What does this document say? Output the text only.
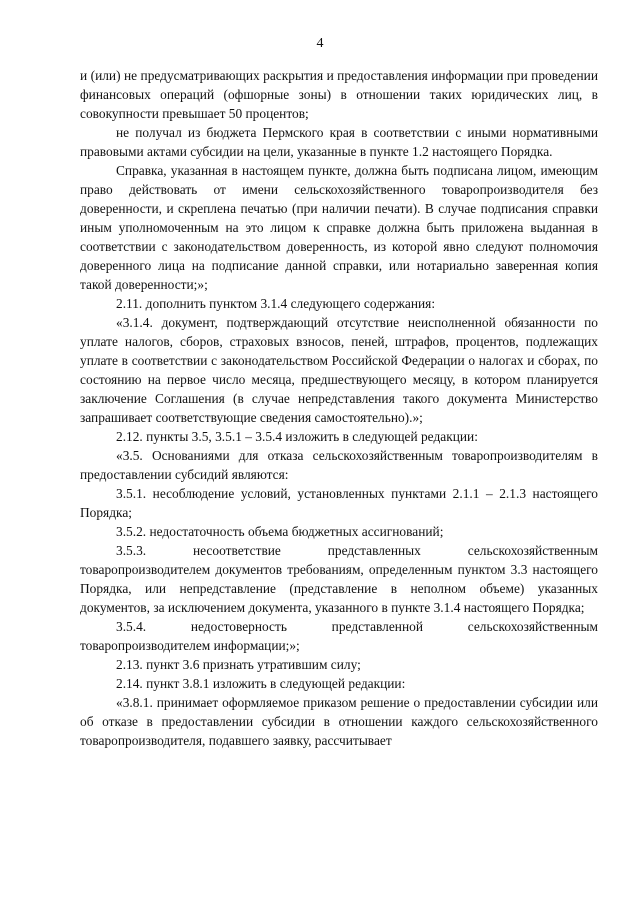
4

и (или) не предусматривающих раскрытия и предоставления информации при проведении финансовых операций (офшорные зоны) в отношении таких юридических лиц, в совокупности превышает 50 процентов;

не получал из бюджета Пермского края в соответствии с иными нормативными правовыми актами субсидии на цели, указанные в пункте 1.2 настоящего Порядка.

Справка, указанная в настоящем пункте, должна быть подписана лицом, имеющим право действовать от имени сельскохозяйственного товаропроизводителя без доверенности, и скреплена печатью (при наличии печати). В случае подписания справки иным уполномоченным на это лицом к справке должна быть приложена выданная в соответствии с законодательством доверенность, из которой явно следуют полномочия доверенного лица на подписание данной справки, или нотариально заверенная копия такой доверенности;»;

2.11. дополнить пунктом 3.1.4 следующего содержания:

«3.1.4. документ, подтверждающий отсутствие неисполненной обязанности по уплате налогов, сборов, страховых взносов, пеней, штрафов, процентов, подлежащих уплате в соответствии с законодательством Российской Федерации о налогах и сборах, по состоянию на первое число месяца, предшествующего месяцу, в котором планируется заключение Соглашения (в случае непредставления такого документа Министерство запрашивает соответствующие сведения самостоятельно).»;

2.12. пункты 3.5, 3.5.1 – 3.5.4 изложить в следующей редакции:

«3.5. Основаниями для отказа сельскохозяйственным товаропроизводителям в предоставлении субсидий являются:

3.5.1. несоблюдение условий, установленных пунктами 2.1.1 – 2.1.3 настоящего Порядка;

3.5.2. недостаточность объема бюджетных ассигнований;

3.5.3. несоответствие представленных сельскохозяйственным товаропроизводителем документов требованиям, определенным пунктом 3.3 настоящего Порядка, или непредставление (представление в неполном объеме) указанных документов, за исключением документа, указанного в пункте 3.1.4 настоящего Порядка;

3.5.4. недостоверность представленной сельскохозяйственным товаропроизводителем информации;»;

2.13. пункт 3.6 признать утратившим силу;

2.14. пункт 3.8.1 изложить в следующей редакции:

«3.8.1. принимает оформляемое приказом решение о предоставлении субсидии или об отказе в предоставлении субсидии в отношении каждого сельскохозяйственного товаропроизводителя, подавшего заявку, рассчитывает
